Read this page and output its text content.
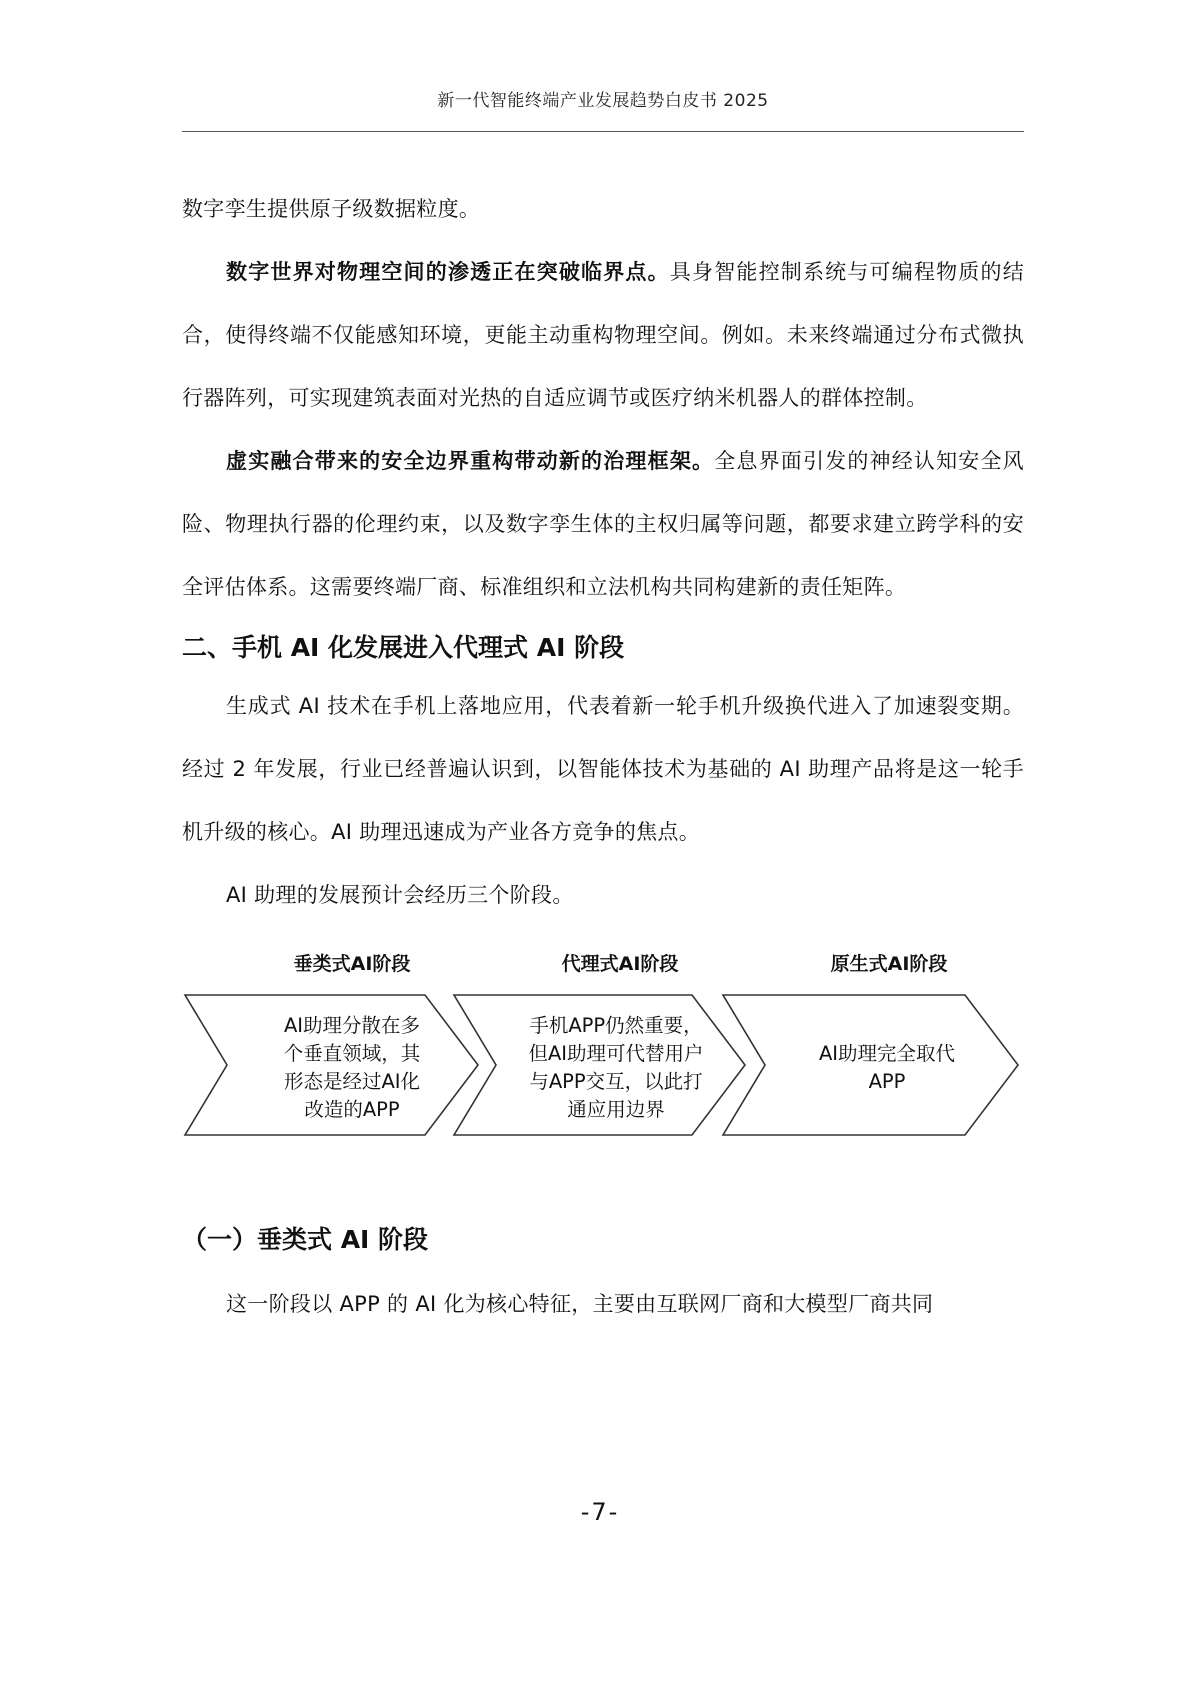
新一代智能终端产业发展趋势白皮书 2025

数字孪生提供原子级数据粒度。

数字世界对物理空间的渗透正在突破临界点。具身智能控制系统与可编程物质的结合，使得终端不仅能感知环境，更能主动重构物理空间。例如。未来终端通过分布式微执行器阵列，可实现建筑表面对光热的自适应调节或医疗纳米机器人的群体控制。

虚实融合带来的安全边界重构带动新的治理框架。全息界面引发的神经认知安全风险、物理执行器的伦理约束，以及数字孪生体的主权归属等问题，都要求建立跨学科的安全评估体系。这需要终端厂商、标准组织和立法机构共同构建新的责任矩阵。

二、手机 AI 化发展进入代理式 AI 阶段

生成式 AI 技术在手机上落地应用，代表着新一轮手机升级换代进入了加速裂变期。经过 2 年发展，行业已经普遍认识到，以智能体技术为基础的 AI 助理产品将是这一轮手机升级的核心。AI 助理迅速成为产业各方竞争的焦点。

AI 助理的发展预计会经历三个阶段。

垂类式AI阶段	代理式AI阶段	原生式AI阶段
AI助理分散在多
个垂直领域，其
形态是经过AI化
改造的APP
手机APP仍然重要，
但AI助理可代替用户
与APP交互，以此打
通应用边界
AI助理完全取代
APP
（一）垂类式 AI 阶段

这一阶段以 APP 的 AI 化为核心特征，主要由互联网厂商和大模型厂商共同

-7-
